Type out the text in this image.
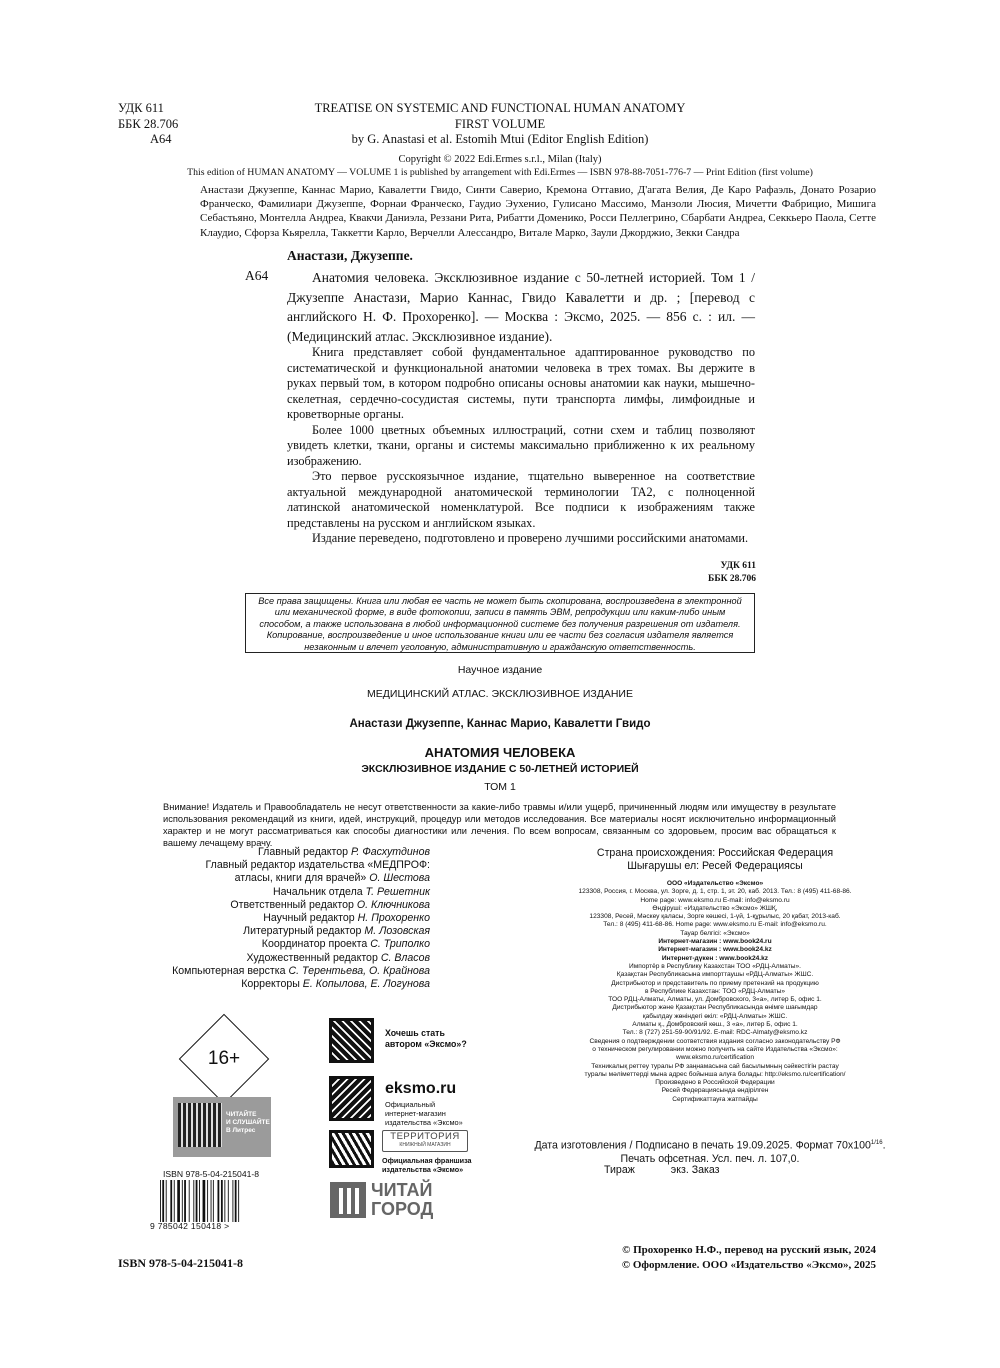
УДК 611
ББК 28.706
А64
TREATISE ON SYSTEMIC AND FUNCTIONAL HUMAN ANATOMY
FIRST VOLUME
by G. Anastasi et al. Estomih Mtui (Editor English Edition)
Copyright © 2022 Edi.Ermes s.r.l., Milan (Italy)
This edition of HUMAN ANATOMY — VOLUME 1 is published by arrangement with Edi.Ermes — ISBN 978-88-7051-776-7 — Print Edition (first volume)
Анастази Джузеппе, Каннас Марио, Кавалетти Гвидо, Синти Саверио, Кремона Оттавио, Д'агата Велия, Де Каро Рафаэль, Донато Розарио Франческо, Фамилиари Джузеппе, Форнаи Франческо, Гаудио Эухенио, Гулисано Массимо, Манзоли Люсия, Мичетти Фабрицио, Мишига Себастьяно, Монтелла Андреа, Квакчи Даниэла, Реззани Рита, Рибатти Доменико, Росси Пеллегрино, Сбарбати Андреа, Секкьеро Паола, Сетте Клаудио, Сфорза Кьярелла, Таккетти Карло, Верчелли Алессандро, Витале Марко, Заули Джорджио, Зекки Сандра
Анастази, Джузеппе.
А64	Анатомия человека. Эксклюзивное издание с 50-летней историей. Том 1 / Джузеппе Анастази, Марио Каннас, Гвидо Кавалетти и др. ; [перевод с английского Н. Ф. Прохоренко]. — Москва : Эксмо, 2025. — 856 с. : ил. — (Медицинский атлас. Эксклюзивное издание).

Книга представляет собой фундаментальное адаптированное руководство по систематической и функциональной анатомии человека в трех томах. Вы держите в руках первый том, в котором подробно описаны основы анатомии как науки, мышечно-скелетная, сердечно-сосудистая системы, пути транспорта лимфы, лимфоидные и кроветворные органы.

Более 1000 цветных объемных иллюстраций, сотни схем и таблиц позволяют увидеть клетки, ткани, органы и системы максимально приближенно к их реальному изображению.

Это первое русскоязычное издание, тщательно выверенное на соответствие актуальной международной анатомической терминологии TA2, с полноценной латинской анатомической номенклатурой. Все подписи к изображениям также представлены на русском и английском языках.

Издание переведено, подготовлено и проверено лучшими российскими анатомами.

УДК 611
ББК 28.706
Все права защищены. Книга или любая ее часть не может быть скопирована, воспроизведена в электронной или механической форме, в виде фотокопии, записи в память ЭВМ, репродукции или каким-либо иным способом, а также использована в любой информационной системе без получения разрешения от издателя. Копирование, воспроизведение и иное использование книги или ее части без согласия издателя является незаконным и влечет уголовную, административную и гражданскую ответственность.
Научное издание
МЕДИЦИНСКИЙ АТЛАС. ЭКСКЛЮЗИВНОЕ ИЗДАНИЕ
Анастази Джузеппе, Каннас Марио, Кавалетти Гвидо
АНАТОМИЯ ЧЕЛОВЕКА
ЭКСКЛЮЗИВНОЕ ИЗДАНИЕ С 50-ЛЕТНЕЙ ИСТОРИЕЙ
ТОМ 1
Внимание! Издатель и Правообладатель не несут ответственности за какие-либо травмы и/или ущерб, причиненный людям или имуществу в результате использования рекомендаций из книги, идей, инструкций, процедур или методов исследования. Все материалы носят исключительно информационный характер и не могут рассматриваться как способы диагностики или лечения. По всем вопросам, связанным со здоровьем, просим вас обращаться к вашему лечащему врачу.
Главный редактор Р. Фасхутдинов
Главный редактор издательства «МЕДПРОФ:
атласы, книги для врачей» О. Шестова
Начальник отдела Т. Решетник
Ответственный редактор О. Ключникова
Научный редактор Н. Прохоренко
Литературный редактор М. Лозовская
Координатор проекта С. Триполко
Художественный редактор С. Власов
Компьютерная верстка С. Терентьева, О. Крайнова
Корректоры Е. Копылова, Е. Логунова
Страна происхождения: Российская Федерация
Шығарушы ел: Ресей Федерациясы
ООО «Издательство «Эксмо»
123308, Россия, г. Москва, ул. Зорге, д. 1, стр. 1, эт. 20, каб. 2013. Тел.: 8 (495) 411-68-86.
Home page: www.eksmo.ru E-mail: info@eksmo.ru
Өндіруші: «Издательство «Эксмо» ЖШҚ,
123308, Ресей, Мәскеу қаласы, Зорге көшесі, 1-үй, 1-құрылыс, 20 қабат, 2013-каб.
Тел.: 8 (495) 411-68-86. Home page: www.eksmo.ru E-mail: info@eksmo.ru.
Тауар белгісі: «Эксмо»
Интернет-магазин : www.book24.ru
Интернет-магазин : www.book24.kz
Интернет-дүкен : www.book24.kz
Импортёр в Республику Казахстан ТОО «РДЦ-Алматы».
Қазақстан Республикасына импорттаушы «РДЦ-Алматы» ЖШС.
Дистрибьютор и представитель по приему претензий на продукцию
в Республике Казахстан: ТОО «РДЦ-Алматы»
ТОО РДЦ-Алматы, Алматы, ул. Домбровского, 3«а», литер Б, офис 1.
Дистрибьютор және Қазақстан Республикасында өнімге шағымдар
қабылдау жөніндегі өкіл: «РДЦ-Алматы» ЖШС.
Алматы қ., Домбровский көш., 3 «а», литер Б, офис 1.
Тел.: 8 (727) 251-59-90/91/92. E-mail: RDC-Almaty@eksmo.kz
Сведения о подтверждении соответствия издания согласно законодательству РФ
о техническом регулировании можно получить на сайте Издательства «Эксмо»:
www.eksmo.ru/certification
Техникалық реттеу туралы РФ заңнамасына сай басылымның сәйкестігін растау
туралы мәліметтерді мына адрес бойынша алуға болады: http://eksmo.ru/certification/
Произведено в Российской Федерации
Ресей Федерациясында өндірілген
Сертификаттауға жатпайды
Дата изготовления / Подписано в печать 19.09.2025. Формат $70x100^{1/16}$.
Печать офсетная. Усл. печ. л. 107,0.
Тираж	экз. Заказ
16+
ЧИТАЙТЕ
И СЛУШАЙТЕ
В Литрес
Хочешь стать
автором «Эксмо»?
eksmo.ru
Официальный
интернет-магазин
издательства «Эксмо»
ТЕРРИТОРИЯ
КНИЖНЫЙ МАГАЗИН
Официальная франшиза
издательства «Эксмо»
ЧИТАЙ
ГОРОД
ISBN 978-5-04-215041-8
9 785042 150418 >
ISBN 978-5-04-215041-8
© Прохоренко Н.Ф., перевод на русский язык, 2024
© Оформление. ООО «Издательство «Эксмо», 2025
